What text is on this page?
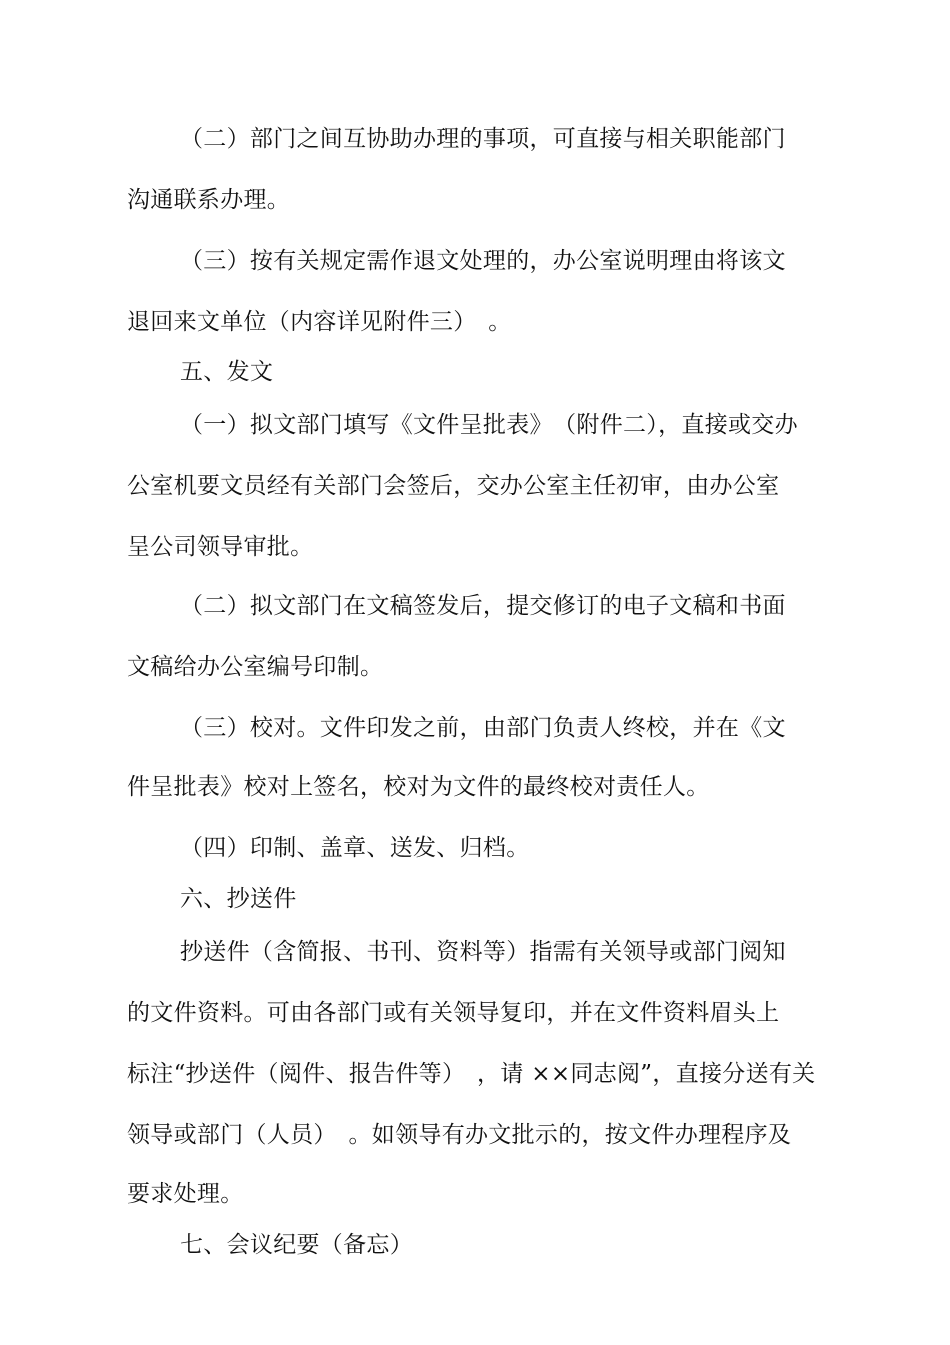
（二）部门之间互协助办理的事项，可直接与相关职能部门
沟通联系办理。
（三）按有关规定需作退文处理的，办公室说明理由将该文
退回来文单位（内容详见附件三）　。
五、发文
（一）拟文部门填写《文件呈批表》　（附件二），直接或交办
公室机要文员经有关部门会签后，交办公室主任初审，由办公室
呈公司领导审批。
（二）拟文部门在文稿签发后，提交修订的电子文稿和书面
文稿给办公室编号印制。
（三）校对。文件印发之前，由部门负责人终校，并在《文
件呈批表》校对上签名，校对为文件的最终校对责任人。
（四）印制、盖章、送发、归档。
六、抄送件
抄送件（含简报、书刊、资料等）指需有关领导或部门阅知
的文件资料。可由各部门或有关领导复印，并在文件资料眉头上
标注“抄送件（阅件、报告件等）　，请 ××同志阅”，直接分送有关
领导或部门（人员）　。如领导有办文批示的，按文件办理程序及
要求处理。
七、会议纪要（备忘）
